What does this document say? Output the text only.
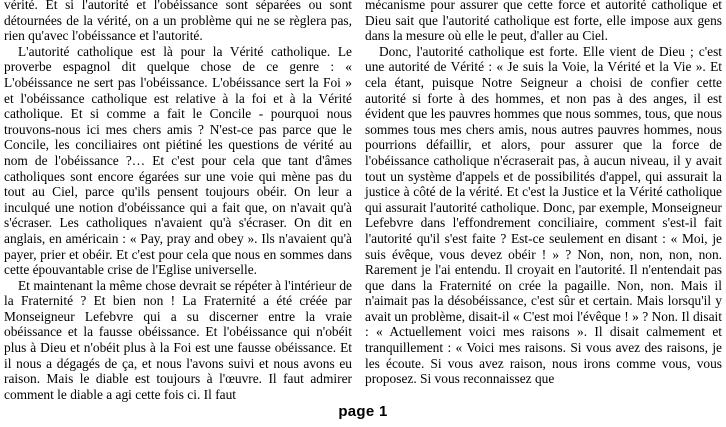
vérité. Et si l'autorité et l'obéissance sont séparées ou sont détournées de la vérité, on a un problème qui ne se règlera pas, rien qu'avec l'obéissance et l'autorité.

L'autorité catholique est là pour la Vérité catholique. Le proverbe espagnol dit quelque chose de ce genre : « L'obéissance ne sert pas l'obéissance. L'obéissance sert la Foi » et l'obéissance catholique est relative à la foi et à la Vérité catholique. Et si comme a fait le Concile - pourquoi nous trouvons-nous ici mes chers amis ? N'est-ce pas parce que le Concile, les conciliaires ont piétiné les questions de vérité au nom de l'obéissance ?… Et c'est pour cela que tant d'âmes catholiques sont encore égarées sur une voie qui mène pas du tout au Ciel, parce qu'ils pensent toujours obéir. On leur a inculqué une notion d'obéissance qui a fait que, on n'avait qu'à s'écraser. Les catholiques n'avaient qu'à s'écraser. On dit en anglais, en américain : « Pay, pray and obey ». Ils n'avaient qu'à payer, prier et obéir. Et c'est pour cela que nous en sommes dans cette épouvantable crise de l'Eglise universelle.

Et maintenant la même chose devrait se répéter à l'intérieur de la Fraternité ? Et bien non ! La Fraternité a été créée par Monseigneur Lefebvre qui a su discerner entre la vraie obéissance et la fausse obéissance. Et l'obéissance qui n'obéit plus à Dieu et n'obéit plus à la Foi est une fausse obéissance. Et il nous a dégagés de ça, et nous l'avons suivi et nous avons eu raison. Mais le diable est toujours à l'œuvre. Il faut admirer comment le diable a agi cette fois ci. Il faut

mécanisme pour assurer que cette force et autorité catholique et Dieu sait que l'autorité catholique est forte, elle impose aux gens dans la mesure où elle le peut, d'aller au Ciel.

Donc, l'autorité catholique est forte. Elle vient de Dieu ; c'est une autorité de Vérité : « Je suis la Voie, la Vérité et la Vie ». Et cela étant, puisque Notre Seigneur a choisi de confier cette autorité si forte à des hommes, et non pas à des anges, il est évident que les pauvres hommes que nous sommes, tous, que nous sommes tous mes chers amis, nous autres pauvres hommes, nous pourrions défaillir, et alors, pour assurer que la force de l'obéissance catholique n'écraserait pas, à aucun niveau, il y avait tout un système d'appels et de possibilités d'appel, qui assurait la justice à côté de la vérité. Et c'est la Justice et la Vérité catholique qui assurait l'autorité catholique. Donc, par exemple, Monseigneur Lefebvre dans l'effondrement conciliaire, comment s'est-il fait l'autorité qu'il s'est faite ? Est-ce seulement en disant : « Moi, je suis évêque, vous devez obéir ! » ? Non, non, non, non, non. Rarement je l'ai entendu. Il croyait en l'autorité. Il n'entendait pas que dans la Fraternité on crée la pagaille. Non, non. Mais il n'aimait pas la désobéissance, c'est sûr et certain. Mais lorsqu'il y avait un problème, disait-il « C'est moi l'évêque ! » ? Non. Il disait : « Actuellement voici mes raisons ». Il disait calmement et tranquillement : « Voici mes raisons. Si vous avez des raisons, je les écoute. Si vous avez raison, nous irons comme vous, vous proposez. Si vous reconnaissez que

page 1
